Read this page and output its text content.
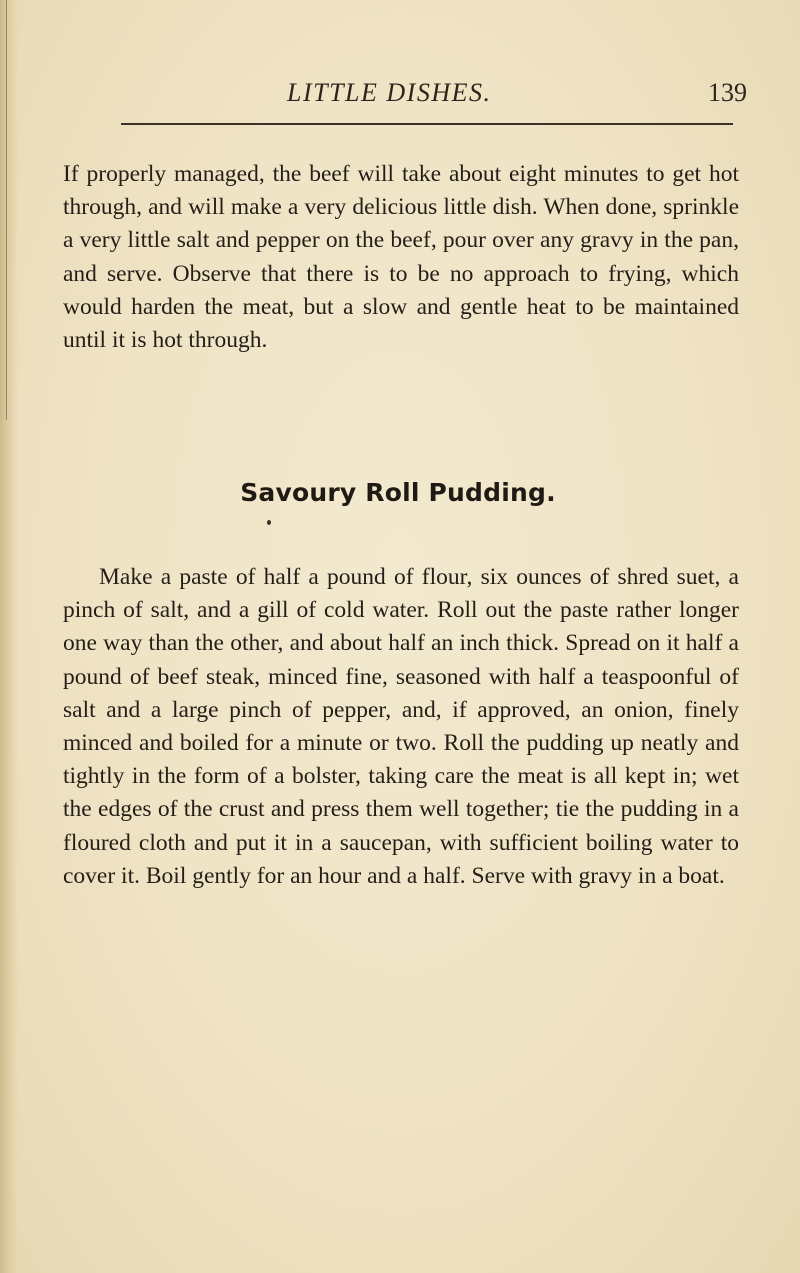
LITTLE DISHES.	139

If properly managed, the beef will take about eight minutes to get hot through, and will make a very delicious little dish. When done, sprinkle a very little salt and pepper on the beef, pour over any gravy in the pan, and serve. Observe that there is to be no approach to frying, which would harden the meat, but a slow and gentle heat to be maintained until it is hot through.

Savoury Roll Pudding.

Make a paste of half a pound of flour, six ounces of shred suet, a pinch of salt, and a gill of cold water. Roll out the paste rather longer one way than the other, and about half an inch thick. Spread on it half a pound of beef steak, minced fine, seasoned with half a teaspoonful of salt and a large pinch of pepper, and, if approved, an onion, finely minced and boiled for a minute or two. Roll the pudding up neatly and tightly in the form of a bolster, taking care the meat is all kept in; wet the edges of the crust and press them well together; tie the pudding in a floured cloth and put it in a saucepan, with sufficient boiling water to cover it. Boil gently for an hour and a half. Serve with gravy in a boat.
